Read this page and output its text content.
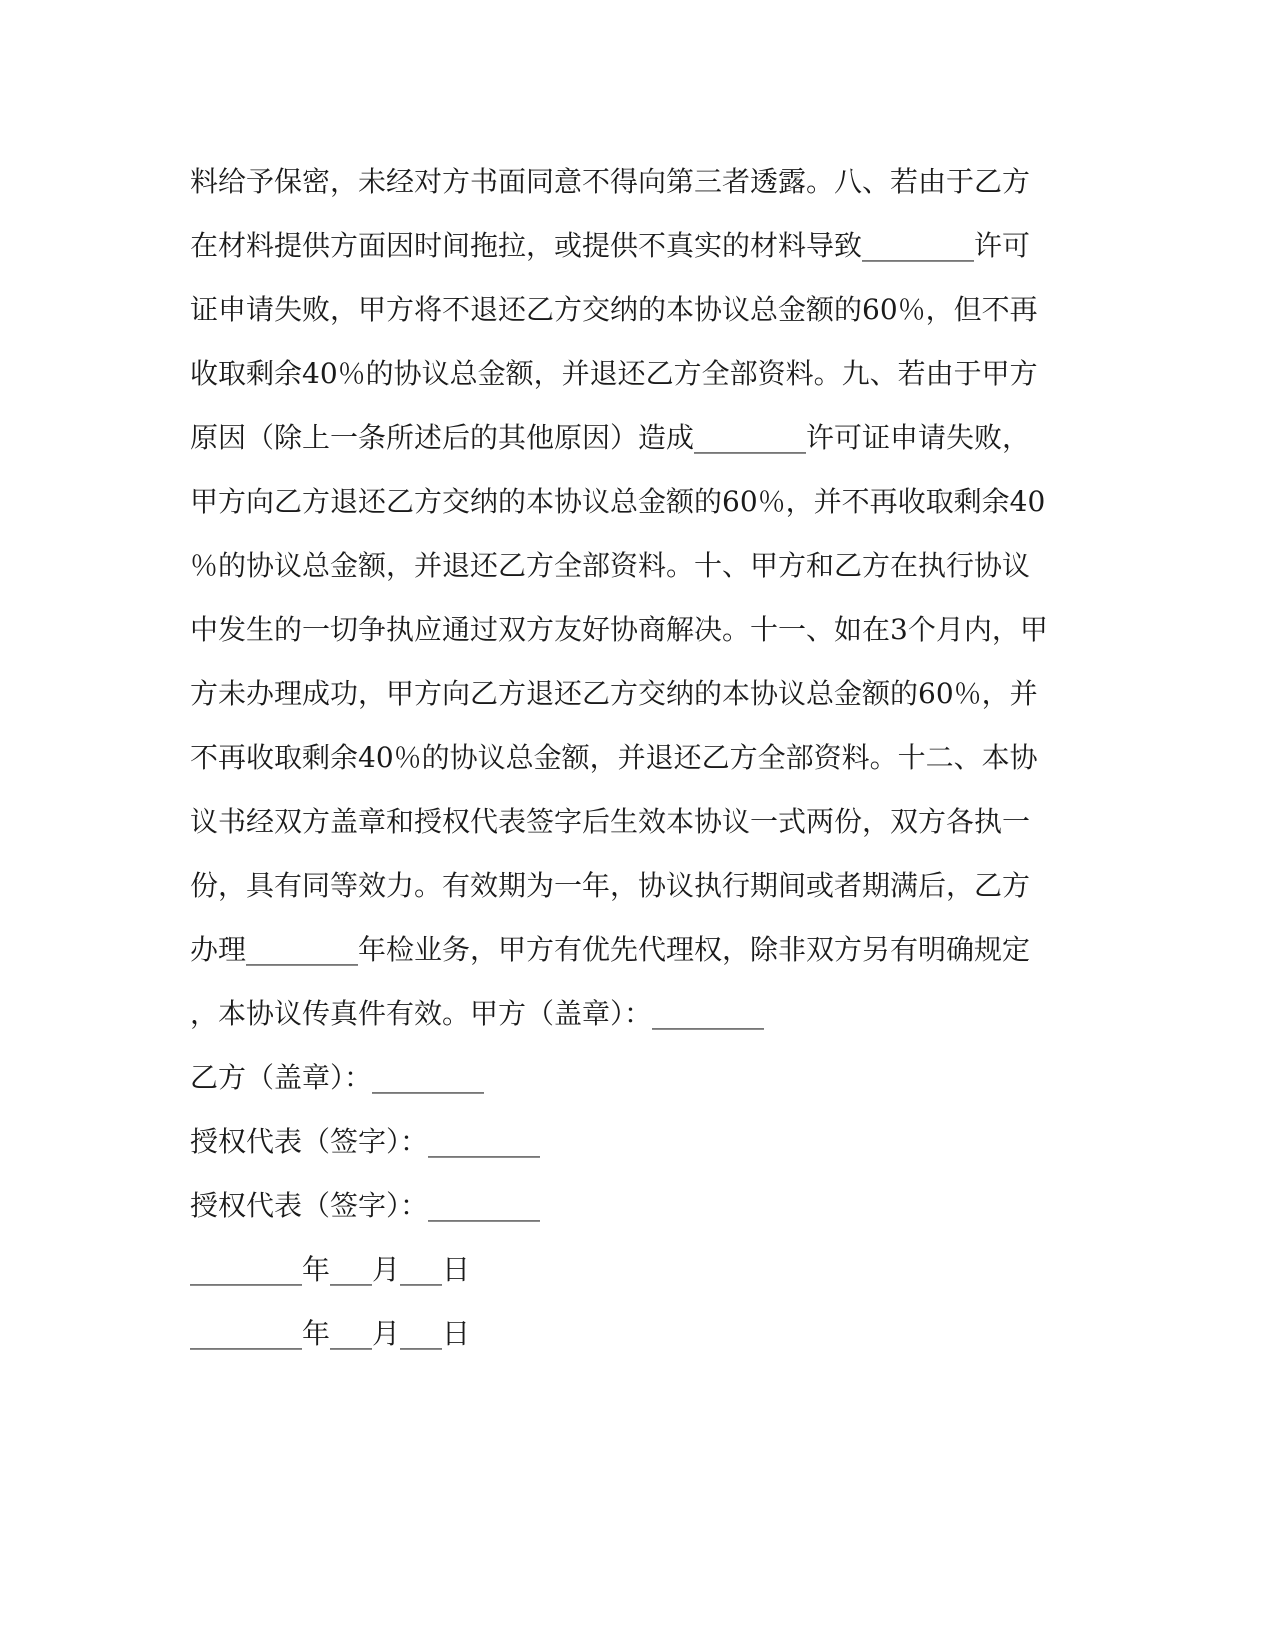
料给予保密，未经对方书面同意不得向第三者透露。八、若由于乙方

在材料提供方面因时间拖拉，或提供不真实的材料导致________许可

证申请失败，甲方将不退还乙方交纳的本协议总金额的60％，但不再

收取剩余40％的协议总金额，并退还乙方全部资料。九、若由于甲方

原因（除上一条所述后的其他原因）造成________许可证申请失败，

甲方向乙方退还乙方交纳的本协议总金额的60％，并不再收取剩余40

％的协议总金额，并退还乙方全部资料。十、甲方和乙方在执行协议

中发生的一切争执应通过双方友好协商解决。十一、如在3个月内，甲

方未办理成功，甲方向乙方退还乙方交纳的本协议总金额的60％，并

不再收取剩余40％的协议总金额，并退还乙方全部资料。十二、本协

议书经双方盖章和授权代表签字后生效本协议一式两份，双方各执一

份，具有同等效力。有效期为一年，协议执行期间或者期满后，乙方

办理________年检业务，甲方有优先代理权，除非双方另有明确规定

，本协议传真件有效。甲方（盖章）：________

乙方（盖章）：________

授权代表（签字）：________

授权代表（签字）：________

________年___月___日

________年___月___日
